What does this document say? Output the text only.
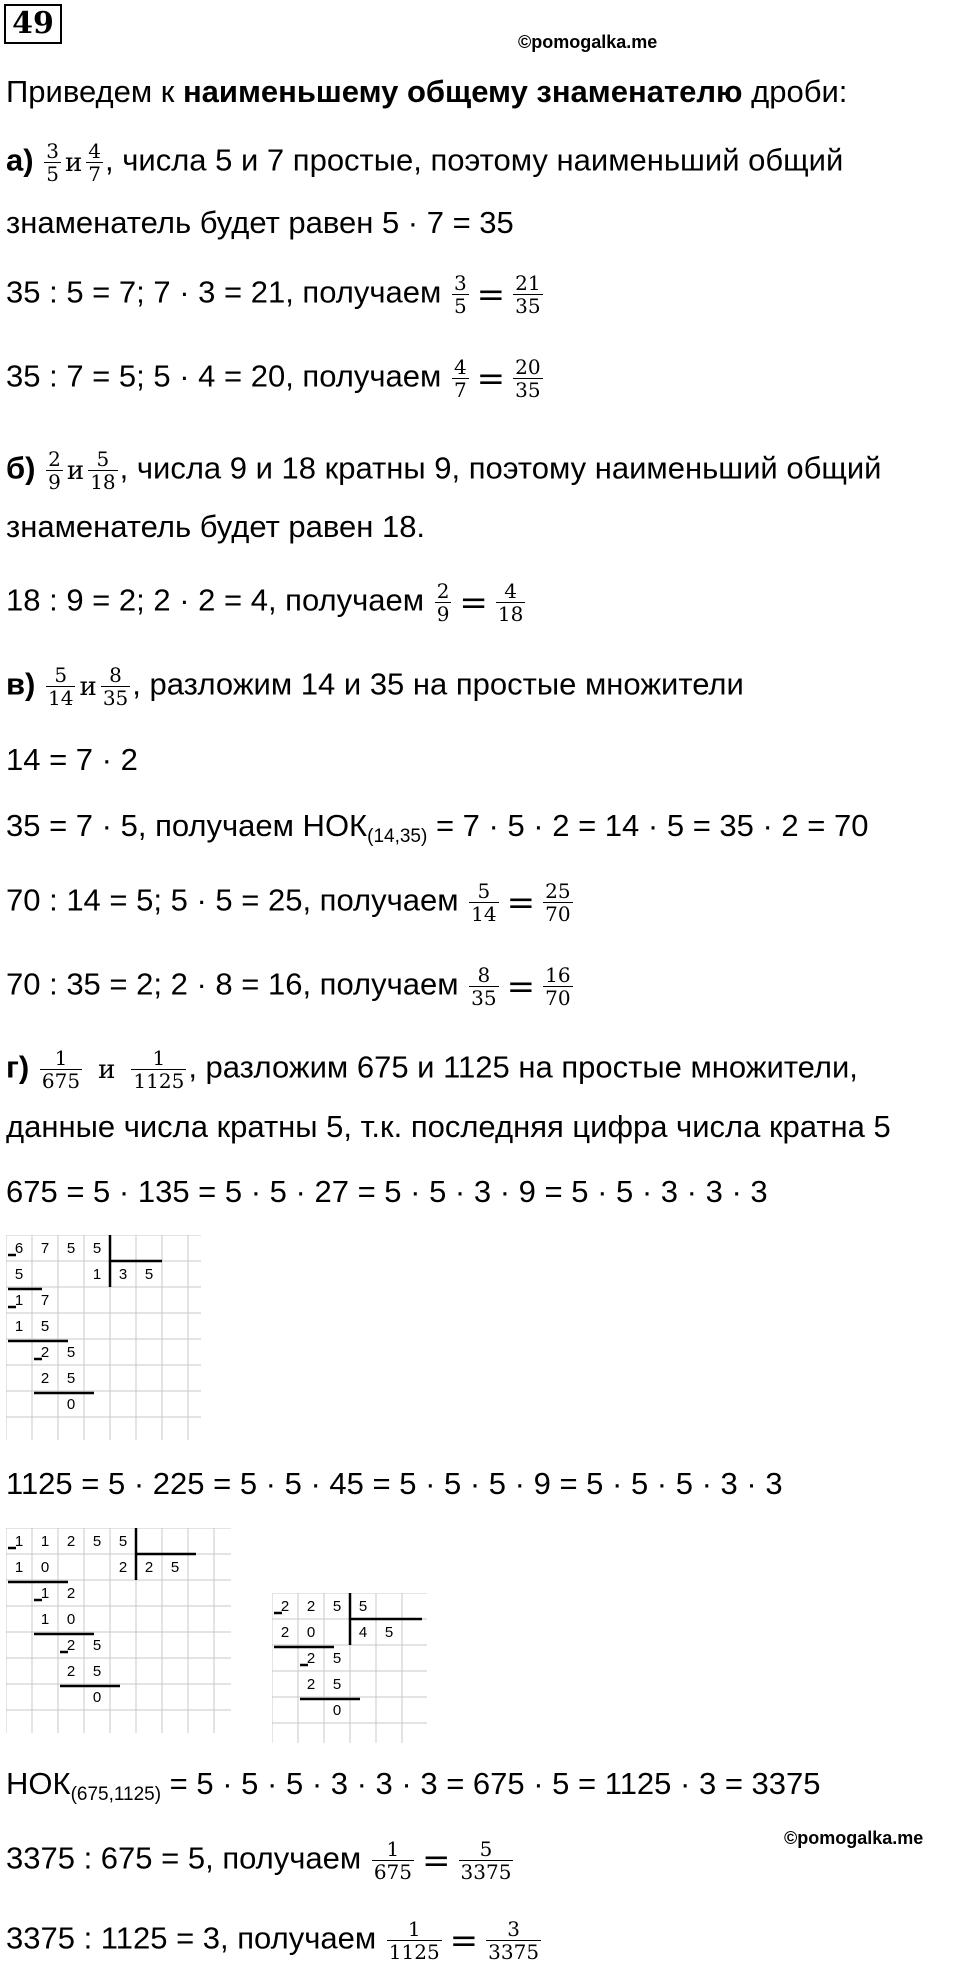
49
©pomogalka.me
Приведем к наименьшему общему знаменателю дроби:
$а) \frac{3}{5}$ и $\frac{4}{7}$ , числа 5 и 7 простые, поэтому наименьший общий
знаменатель будет равен 5 · 7 = 35
35 : 5 = 7; 7 · 3 = 21, получаем $\frac{3}{5} = \frac{21}{35}$
35 : 7 = 5; 5 · 4 = 20, получаем $\frac{4}{7} = \frac{20}{35}$
$б) \frac{2}{9}$ и $\frac{5}{18}$ , числа 9 и 18 кратны 9, поэтому наименьший общий
знаменатель будет равен 18.
18 : 9 = 2; 2 · 2 = 4, получаем $\frac{2}{9} = \frac{4}{18}$
$в) \frac{5}{14}$ и $\frac{8}{35}$ , разложим 14 и 35 на простые множители
14 = 7 · 2
35 = 7 · 5, получаем $НОК_{(14,35)} = 7 \cdot 5 \cdot 2 = 14 \cdot 5 = 35 \cdot 2 = 70$
70 : 14 = 5; 5 · 5 = 25, получаем $\frac{5}{14} = \frac{25}{70}$
70 : 35 = 2; 2 · 8 = 16, получаем $\frac{8}{35} = \frac{16}{70}$
$г) \frac{1}{675}$ и $\frac{1}{1125}$ , разложим 675 и 1125 на простые множители,
данные числа кратны 5, т.к. последняя цифра числа кратна 5
675 = 5 · 135 = 5 · 5 · 27 = 5 · 5 · 3 · 9 = 5 · 5 · 3 · 3 · 3
6	7	5	5
5	1	3	5
1	7
1	5
2	5
2	5
0
1125 = 5 · 225 = 5 · 5 · 45 = 5 · 5 · 5 · 9 = 5 · 5 · 5 · 3 · 3
1	1	2	5	5
1	0	2	2	5
1	2
1	0
2	5
2	5
0
2	2	5	5
2	0	4	5
2	5
2	5
0
$НОК_{(675,1125)} = 5 \cdot 5 \cdot 5 \cdot 3 \cdot 3 \cdot 3 = 675 \cdot 5 = 1125 \cdot 3 = 3375$
©pomogalka.me
3375 : 675 = 5, получаем $\frac{1}{675} = \frac{5}{3375}$
3375 : 1125 = 3, получаем $\frac{1}{1125} = \frac{3}{3375}$
